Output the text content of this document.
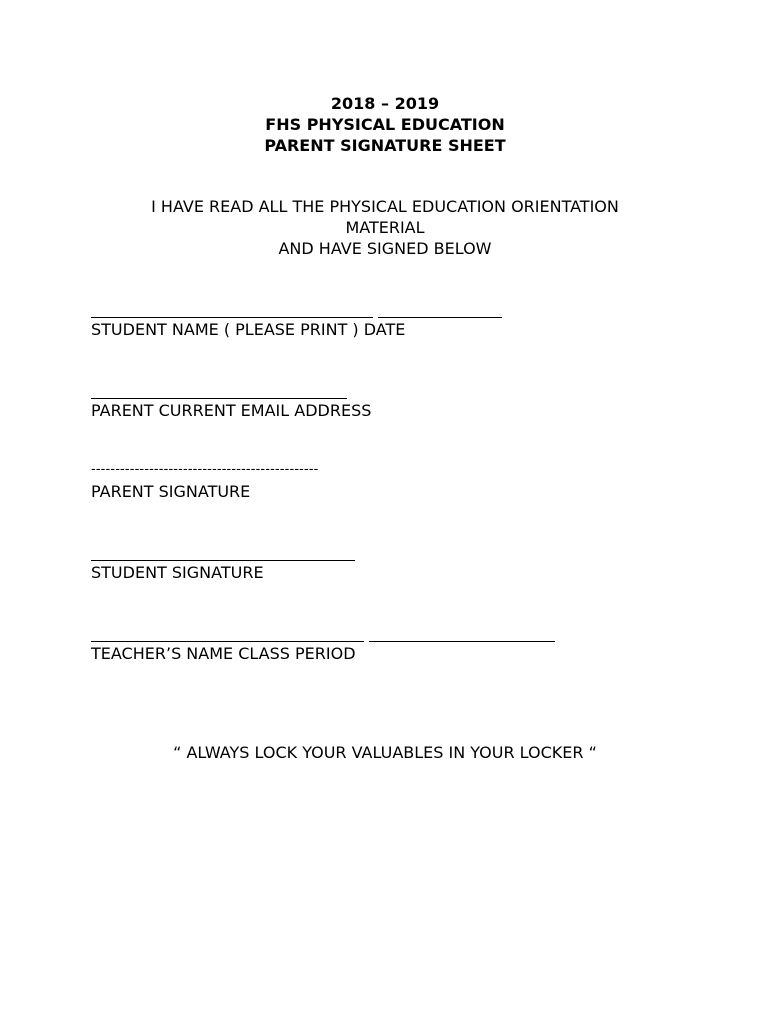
2018 – 2019
FHS PHYSICAL EDUCATION
PARENT SIGNATURE SHEET
I HAVE READ ALL THE PHYSICAL EDUCATION ORIENTATION
MATERIAL
AND HAVE SIGNED BELOW
STUDENT NAME ( PLEASE PRINT ) DATE
PARENT CURRENT EMAIL ADDRESS
-----------------------------------------------
PARENT SIGNATURE
STUDENT SIGNATURE
TEACHER’S NAME CLASS PERIOD
“ ALWAYS LOCK YOUR VALUABLES IN YOUR LOCKER “
